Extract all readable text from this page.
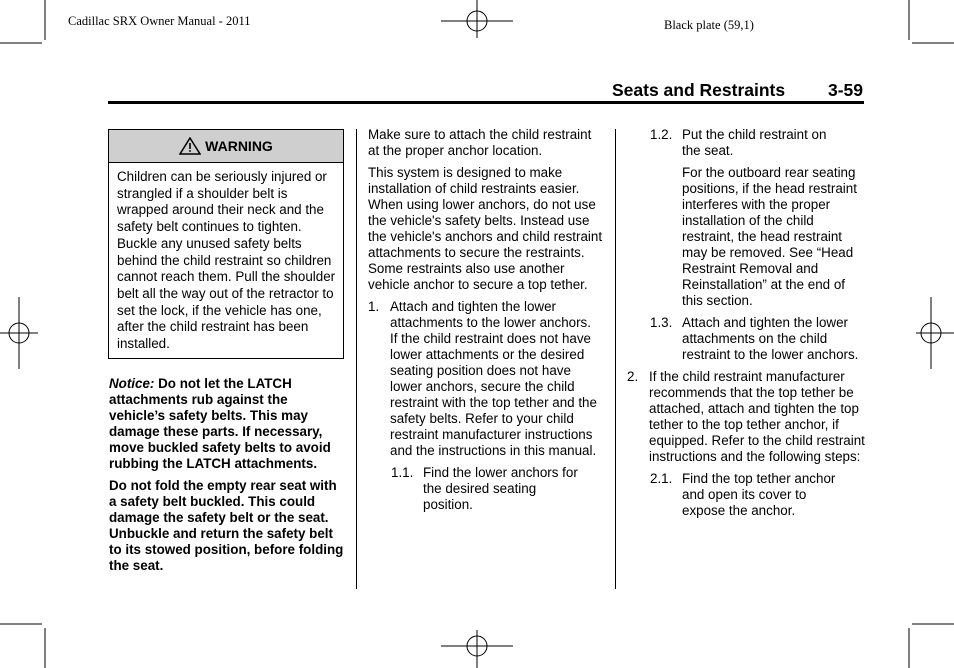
Cadillac SRX Owner Manual - 2011	Black plate (59,1)
Seats and Restraints 3-59
WARNING
Children can be seriously injured or strangled if a shoulder belt is wrapped around their neck and the safety belt continues to tighten. Buckle any unused safety belts behind the child restraint so children cannot reach them. Pull the shoulder belt all the way out of the retractor to set the lock, if the vehicle has one, after the child restraint has been installed.

Notice: Do not let the LATCH attachments rub against the vehicle’s safety belts. This may damage these parts. If necessary, move buckled safety belts to avoid rubbing the LATCH attachments.

Do not fold the empty rear seat with a safety belt buckled. This could damage the safety belt or the seat. Unbuckle and return the safety belt to its stowed position, before folding the seat.

Make sure to attach the child restraint at the proper anchor location.

This system is designed to make installation of child restraints easier. When using lower anchors, do not use the vehicle's safety belts. Instead use the vehicle's anchors and child restraint attachments to secure the restraints. Some restraints also use another vehicle anchor to secure a top tether.

1. Attach and tighten the lower attachments to the lower anchors. If the child restraint does not have lower attachments or the desired seating position does not have lower anchors, secure the child restraint with the top tether and the safety belts. Refer to your child restraint manufacturer instructions and the instructions in this manual.
1.1. Find the lower anchors for the desired seating position.
1.2. Put the child restraint on the seat.

For the outboard rear seating positions, if the head restraint interferes with the proper installation of the child restraint, the head restraint may be removed. See “Head Restraint Removal and Reinstallation” at the end of this section.

1.3. Attach and tighten the lower attachments on the child restraint to the lower anchors.
2. If the child restraint manufacturer recommends that the top tether be attached, attach and tighten the top tether to the top tether anchor, if equipped. Refer to the child restraint instructions and the following steps:
2.1. Find the top tether anchor and open its cover to expose the anchor.
